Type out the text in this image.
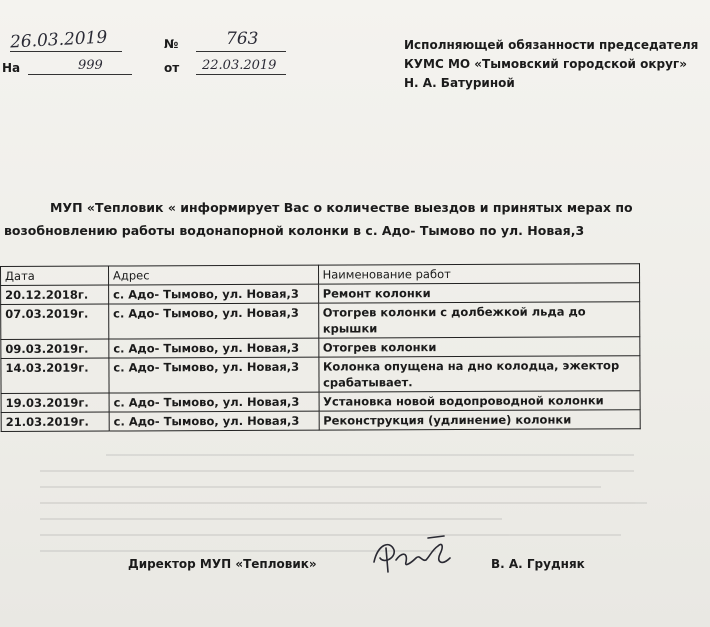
26.03.2019	№	763
На	999	от 22.03.2019
Исполняющей обязанности председателя
КУМС МО «Тымовский городской округ»
Н. А. Батуриной
МУП «Тепловик « информирует Вас о количестве выездов и принятых мерах по
возобновлению работы водонапорной колонки в с. Адо- Тымово по ул. Новая,3
Дата	Адрес	Наименование работ
20.12.2018г.	с. Адо- Тымово, ул. Новая,3	Ремонт колонки
07.03.2019г.	с. Адо- Тымово, ул. Новая,3	Отогрев колонки с долбежкой льда до крышки
09.03.2019г.	с. Адо- Тымово, ул. Новая,3	Отогрев колонки
14.03.2019г.	с. Адо- Тымово, ул. Новая,3	Колонка опущена на дно колодца, эжектор срабатывает.
19.03.2019г.	с. Адо- Тымово, ул. Новая,3	Установка новой водопроводной колонки
21.03.2019г.	с. Адо- Тымово, ул. Новая,3	Реконструкция (удлинение) колонки
Директор МУП «Тепловик»	В. А. Грудняк
